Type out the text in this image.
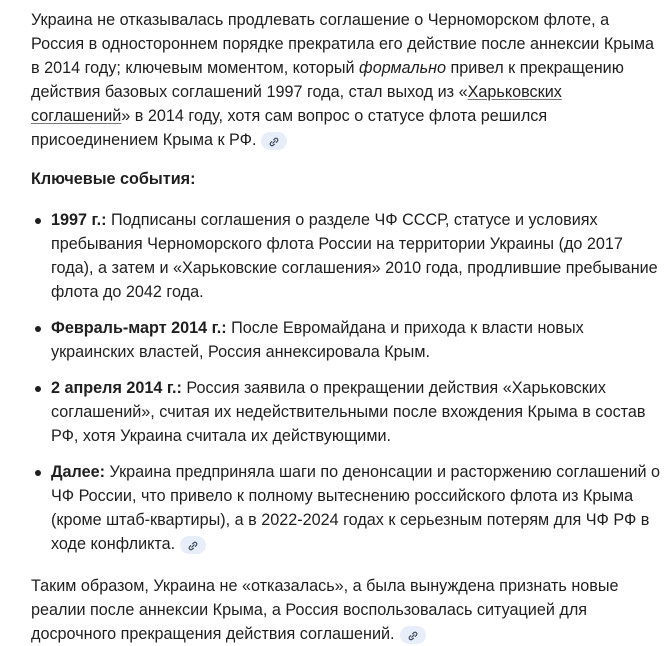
Украина не отказывалась продлевать соглашение о Черноморском флоте, а Россия в одностороннем порядке прекратила его действие после аннексии Крыма в 2014 году; ключевым моментом, который формально привел к прекращению действия базовых соглашений 1997 года, стал выход из «Харьковских соглашений» в 2014 году, хотя сам вопрос о статусе флота решился присоединением Крыма к РФ.

Ключевые события:

1997 г.: Подписаны соглашения о разделе ЧФ СССР, статусе и условиях пребывания Черноморского флота России на территории Украины (до 2017 года), а затем и «Харьковские соглашения» 2010 года, продлившие пребывание флота до 2042 года.
Февраль-март 2014 г.: После Евромайдана и прихода к власти новых украинских властей, Россия аннексировала Крым.
2 апреля 2014 г.: Россия заявила о прекращении действия «Харьковских соглашений», считая их недействительными после вхождения Крыма в состав РФ, хотя Украина считала их действующими.
Далее: Украина предприняла шаги по денонсации и расторжению соглашений о ЧФ России, что привело к полному вытеснению российского флота из Крыма (кроме штаб-квартиры), а в 2022-2024 годах к серьезным потерям для ЧФ РФ в ходе конфликта.

Таким образом, Украина не «отказалась», а была вынуждена признать новые реалии после аннексии Крыма, а Россия воспользовалась ситуацией для досрочного прекращения действия соглашений.
